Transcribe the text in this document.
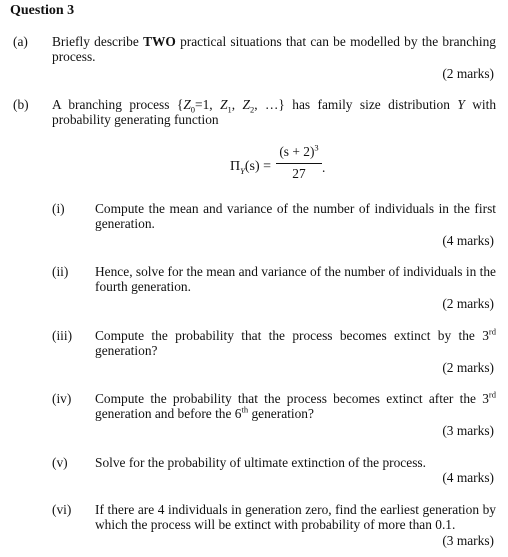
Question 3
(a) Briefly describe TWO practical situations that can be modelled by the branching process.
(2 marks)
(b) A branching process {$Z_0=1$, $Z_1$, $Z_2$, …} has family size distribution Y with probability generating function
$\Pi_Y(s)$ =
$(s + 2)^3$
27	.
(i) Compute the mean and variance of the number of individuals in the first generation.
(4 marks)
(ii) Hence, solve for the mean and variance of the number of individuals in the fourth generation.
(2 marks)
(iii) Compute the probability that the process becomes extinct by the 3rd generation?
(2 marks)
(iv) Compute the probability that the process becomes extinct after the 3rd generation and before the 6th generation?
(3 marks)
(v) Solve for the probability of ultimate extinction of the process.
(4 marks)
(vi) If there are 4 individuals in generation zero, find the earliest generation by which the process will be extinct with probability of more than 0.1.
(3 marks)
